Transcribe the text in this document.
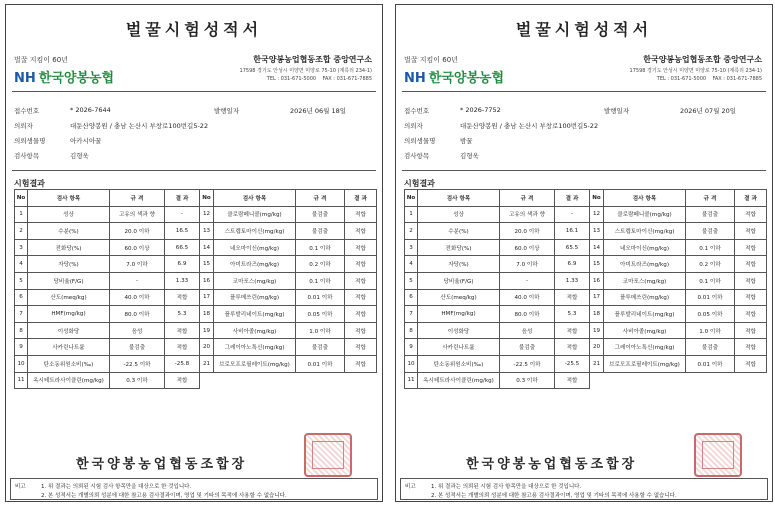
벌꿀시험성적서
벌꿀 지킴이 60년
NH 한국양봉농협
한국양봉농업협동조합 중앙연구소
17598 경기도 안성시 미양면 미양로 75-10 (계륵리 234-1)
TEL : 031-671-5000 FAX : 031-671-7885
접수번호	* 2026-7644	발행일자	2026년 06월 18일
의뢰자	대둔산양봉원 / 충남 논산시 부창로100번길5-22
의뢰생물명	아카시아꿀
검사항목	김형욱
시험결과
No	검사 항목	규 격	결 과
1	성상	고유의 색과 향	-
2	수분(%)	20.0 이하	16.5
3	전화당(%)	60.0 이상	66.5
4	자당(%)	7.0 이하	6.9
5	당비율(F/G)	-	1.33
6	산도(meq/kg)	40.0 이하	적합
7	HMF(mg/kg)	80.0 이하	5.3
8	이성화당	음성	적합
9	사카린나트륨	불검출	적합
10	탄소동위원소비(‰)	-22.5 이하	-25.8
11	옥시테트라사이클린(mg/kg)	0.3 이하	적합
No	검사 항목	규 격	결 과
12	클로람페니콜(mg/kg)	불검출	적합
13	스트렙토마이신(mg/kg)	불검출	적합
14	네오마이신(mg/kg)	0.1 이하	적합
15	아미트라즈(mg/kg)	0.2 이하	적합
16	코마포스(mg/kg)	0.1 이하	적합
17	플루메쓰린(mg/kg)	0.01 이하	적합
18	플루발리네이트(mg/kg)	0.05 이하	적합
19	사비아졸(mg/kg)	1.0 이하	적합
20	그레이아노톡신(mg/kg)	불검출	적합
21	브로모프로필레이트(mg/kg)	0.01 이하	적합
한국양봉농업협동조합장
비고	1. 위 결과는 의뢰된 시험 검사 항목만을 대상으로 한 것입니다.
2. 본 성적서는 개별의뢰 성분에 대한 참고용 검사결과이며, 영업 및 기타의 목적에 사용할 수 없습니다.
벌꿀시험성적서
벌꿀 지킴이 60년
NH 한국양봉농협
한국양봉농업협동조합 중앙연구소
17598 경기도 안성시 미양면 미양로 75-10 (계륵리 234-1)
TEL : 031-671-5000 FAX : 031-671-7885
접수번호	* 2026-7752	발행일자	2026년 07월 20일
의뢰자	대둔산양봉원 / 충남 논산시 부창로100번길5-22
의뢰생물명	밤꿀
검사항목	김형욱
시험결과
No	검사 항목	규 격	결 과
1	성상	고유의 색과 향	-
2	수분(%)	20.0 이하	16.1
3	전화당(%)	60.0 이상	65.5
4	자당(%)	7.0 이하	6.9
5	당비율(F/G)	-	1.33
6	산도(meq/kg)	40.0 이하	적합
7	HMF(mg/kg)	80.0 이하	5.3
8	이성화당	음성	적합
9	사카린나트륨	불검출	적합
10	탄소동위원소비(‰)	-22.5 이하	-25.5
11	옥시테트라사이클린(mg/kg)	0.3 이하	적합
No	검사 항목	규 격	결 과
12	클로람페니콜(mg/kg)	불검출	적합
13	스트렙토마이신(mg/kg)	불검출	적합
14	네오마이신(mg/kg)	0.1 이하	적합
15	아미트라즈(mg/kg)	0.2 이하	적합
16	코마포스(mg/kg)	0.1 이하	적합
17	플루메쓰린(mg/kg)	0.01 이하	적합
18	플루발리네이트(mg/kg)	0.05 이하	적합
19	사비아졸(mg/kg)	1.0 이하	적합
20	그레이아노톡신(mg/kg)	불검출	적합
21	브로모프로필레이트(mg/kg)	0.01 이하	적합
한국양봉농업협동조합장
비고	1. 위 결과는 의뢰된 시험 검사 항목만을 대상으로 한 것입니다.
2. 본 성적서는 개별의뢰 성분에 대한 참고용 검사결과이며, 영업 및 기타의 목적에 사용할 수 없습니다.
